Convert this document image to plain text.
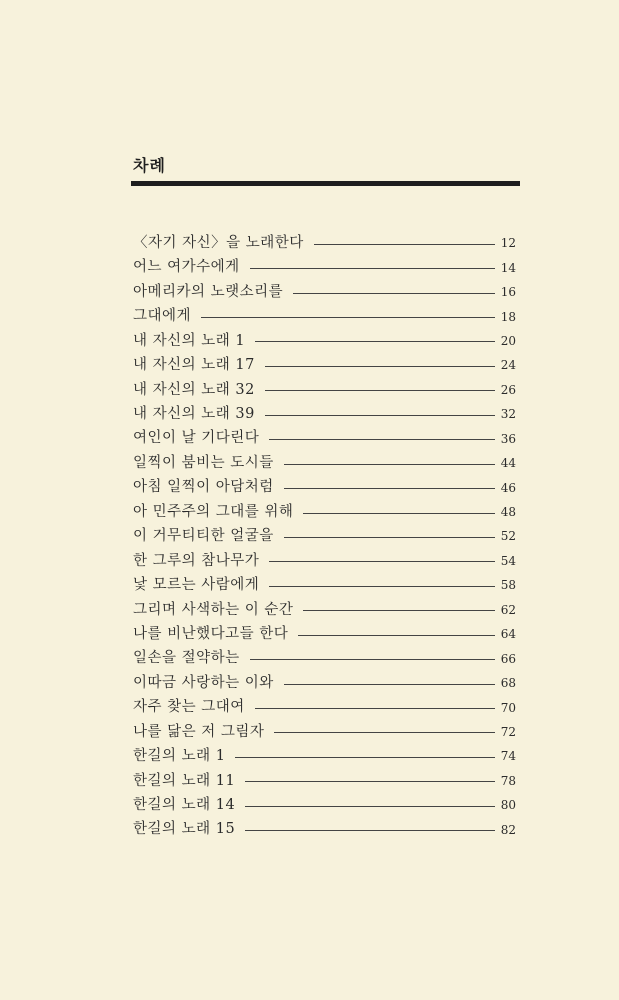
차례
〈자기 자신〉을 노래한다	12
어느 여가수에게	14
아메리카의 노랫소리를	16
그대에게	18
내 자신의 노래 1	20
내 자신의 노래 17	24
내 자신의 노래 32	26
내 자신의 노래 39	32
여인이 날 기다린다	36
일찍이 붐비는 도시들	44
아침 일찍이 아담처럼	46
아 민주주의 그대를 위해	48
이 거무티티한 얼굴을	52
한 그루의 참나무가	54
낯 모르는 사람에게	58
그리며 사색하는 이 순간	62
나를 비난했다고들 한다	64
일손을 절약하는	66
이따금 사랑하는 이와	68
자주 찾는 그대여	70
나를 닮은 저 그림자	72
한길의 노래 1	74
한길의 노래 11	78
한길의 노래 14	80
한길의 노래 15	82
